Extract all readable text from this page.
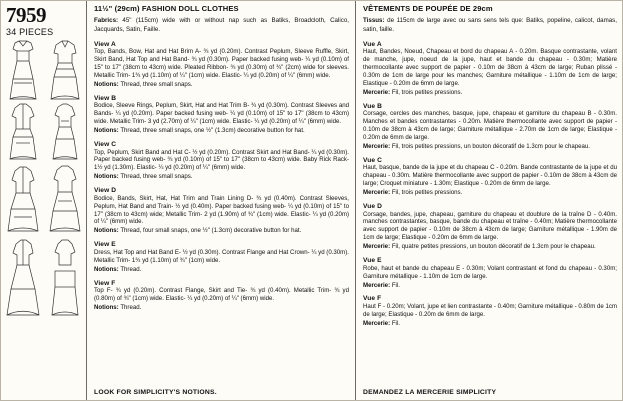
7959
34 PIECES
11½" (29cm) FASHION DOLL CLOTHES
Fabrics: 45" (115cm) wide with or without nap such as Batiks, Broadcloth, Calico, Jacquards, Satin, Faille.
View A
Top, Bands, Bow, Hat and Hat Brim A- ¾ yd (0.20m). Contrast Peplum, Sleeve Ruffle, Skirt, Skirt Band, Hat Top and Hat Band- ¾ yd (0.30m). Paper backed fusing web- ¼ yd (0.10m) of 15" to 17" (38cm to 43cm) wide. Pleated Ribbon- ¾ yd (0.30m) of ¾" (2cm) wide for sleeves. Metallic Trim- 1¾ yd (1.10m) of ¼" (1cm) wide. Elastic- ¼ yd (0.20m) of ¼" (6mm) wide.
Notions: Thread, three small snaps.
View B
Bodice, Sleeve Rings, Peplum, Skirt, Hat and Hat Trim B- ¾ yd (0.30m). Contrast Sleeves and Bands- ¼ yd (0.20m). Paper backed fusing web- ¼ yd (0.10m) of 15" to 17" (38cm to 43cm) wide. Metallic Trim- 3 yd (2.70m) of ¼" (1cm) wide. Elastic- ¼ yd (0.20m) of ¼" (6mm) wide.
Notions: Thread, three small snaps, one ½" (1.3cm) decorative button for hat.
View C
Top, Peplum, Skirt Band and Hat C- ½ yd (0.20m). Contrast Skirt and Hat Band- ¼ yd (0.30m). Paper backed fusing web- ¾ yd (0.10m) of 15" to 17" (38cm to 43cm) wide. Baby Rick Rack- 1½ yd (1.30m). Elastic- ¼ yd (0.20m) of ¼" (6mm) wide.
Notions: Thread, three small snaps.
View D
Bodice, Bands, Skirt, Hat, Hat Trim and Train Lining D- ¾ yd (0.40m). Contrast Sleeves, Peplum, Hat Band and Train- ½ yd (0.40m). Paper backed fusing web- ¼ yd (0.10m) of 15" to 17" (38cm to 43cm) wide; Metallic Trim- 2 yd (1.90m) of ¾" (1cm) wide. Elastic- ¼ yd (0.20m) of ¼" (6mm) wide.
Notions: Thread, four small snaps, one ½" (1.3cm) decorative button for hat.
View E
Dress, Hat Top and Hat Band E- ½ yd (0.30m). Contrast Flange and Hat Crown- ¼ yd (0.30m). Metallic Trim- 1¾ yd (1.10m) of ¾" (1cm) wide.
Notions: Thread.
View F
Top F- ¾ yd (0.20m). Contrast Flange, Skirt and Tie- ¾ yd (0.40m). Metallic Trim- ¾ yd (0.80m) of ¾" (1cm) wide. Elastic- ¼ yd (0.20m) of ¼" (6mm) wide.
Notions: Thread.
LOOK FOR SIMPLICITY'S NOTIONS.
VÊTEMENTS DE POUPÉE DE 29cm
Tissus: de 115cm de large avec ou sans sens tels que: Batiks, popeline, calicot, damas, satin, faille.
Vue A
Haut, Bandes, Noeud, Chapeau et bord du chapeau A - 0.20m. Basque contrastante, volant de manche, jupe, noeud de la jupe, haut et bande du chapeau - 0.30m; Matière thermocollante avec support de papier - 0.10m de 38cm à 43cm de large; Ruban plissé - 0.30m de 1cm de large pour les manches; Garniture métallique - 1.10m de 1cm de large; Elastique - 0.20m de 6mm de large.
Mercerie: Fil, trois petites pressions.
Vue B
Corsage, cercles des manches, basque, jupe, chapeau et garniture du chapeau B - 0.30m. Manches et bandes contrastantes - 0.20m. Matière thermocollante avec support de papier - 0.10m de 38cm à 43cm de large; Garniture métallique - 2.70m de 1cm de large; Elastique - 0.20m de 6mm de large.
Mercerie: Fil, trois petites pressions, un bouton décoratif de 1.3cm pour le chapeau.
Vue C
Haut, basque, bande de la jupe et du chapeau C - 0.20m. Bande contrastante de la jupe et du chapeau - 0.30m. Matière thermocollante avec support de papier - 0.10m de 38cm à 43cm de large; Croquet miniature - 1.30m; Elastique - 0.20m de 6mm de large.
Mercerie: Fil, trois petites pressions.
Vue D
Corsage, bandes, jupe, chapeau, garniture du chapeau et doublure de la traîne D - 0.40m. manches contrastantes, basque, bande du chapeau et traîne - 0.40m; Matière thermocollante avec support de papier - 0.10m de 38cm à 43cm de large; Garniture métallique - 1.90m de 1cm de large; Elastique - 0.20m de 6mm de large.
Mercerie: Fil, quatre petites pressions, un bouton décoratif de 1.3cm pour le chapeau.
Vue E
Robe, haut et bande du chapeau E - 0.30m; Volant contrastant et fond du chapeau - 0.30m; Garniture métallique - 1.10m de 1cm de large.
Mercerie: Fil.
Vue F
Haut F - 0.20m; Volant, jupe et lien contrastante - 0.40m; Garniture métallique - 0.80m de 1cm de large; Elastique - 0.20m de 6mm de large.
Mercerie: Fil.
DEMANDEZ LA MERCERIE SIMPLICITY
